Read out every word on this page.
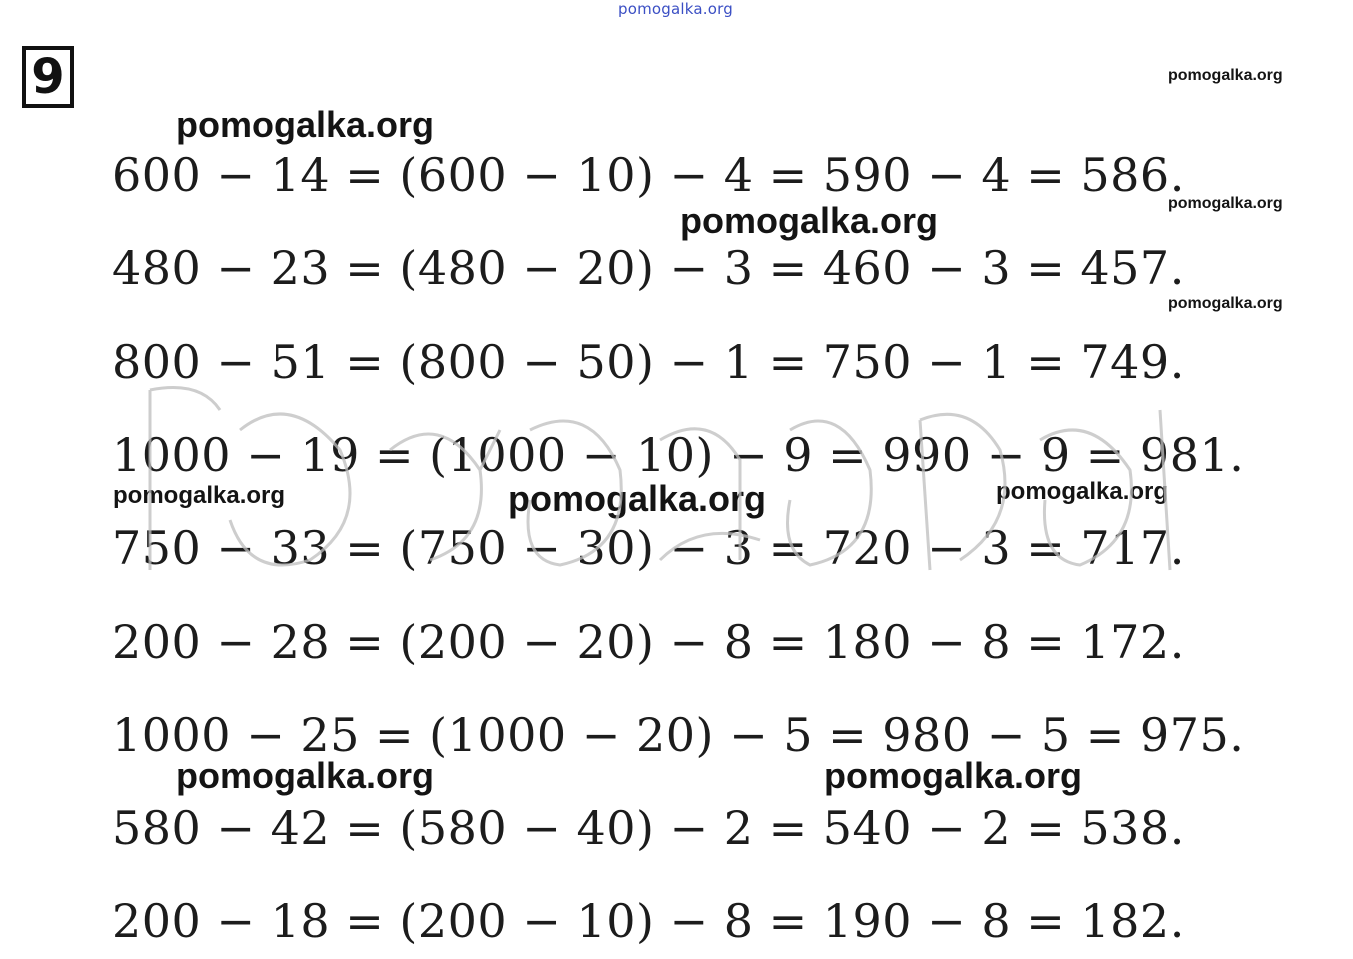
pomogalka.org
9	pomogalka.org
pomogalka.org
pomogalka.org
pomogalka.org
pomogalka.org
600 − 14 = (600 − 10) − 4 = 590 − 4 = 586.
480 − 23 = (480 − 20) − 3 = 460 − 3 = 457.
800 − 51 = (800 − 50) − 1 = 750 − 1 = 749.
1000 − 19 = (1000 − 10) − 9 = 990 − 9 = 981.
pomogalka.org	pomogalka.org	pomogalka.org
750 − 33 = (750 − 30) − 3 = 720 − 3 = 717.
200 − 28 = (200 − 20) − 8 = 180 − 8 = 172.
1000 − 25 = (1000 − 20) − 5 = 980 − 5 = 975.
pomogalka.org	pomogalka.org
580 − 42 = (580 − 40) − 2 = 540 − 2 = 538.
200 − 18 = (200 − 10) − 8 = 190 − 8 = 182.
